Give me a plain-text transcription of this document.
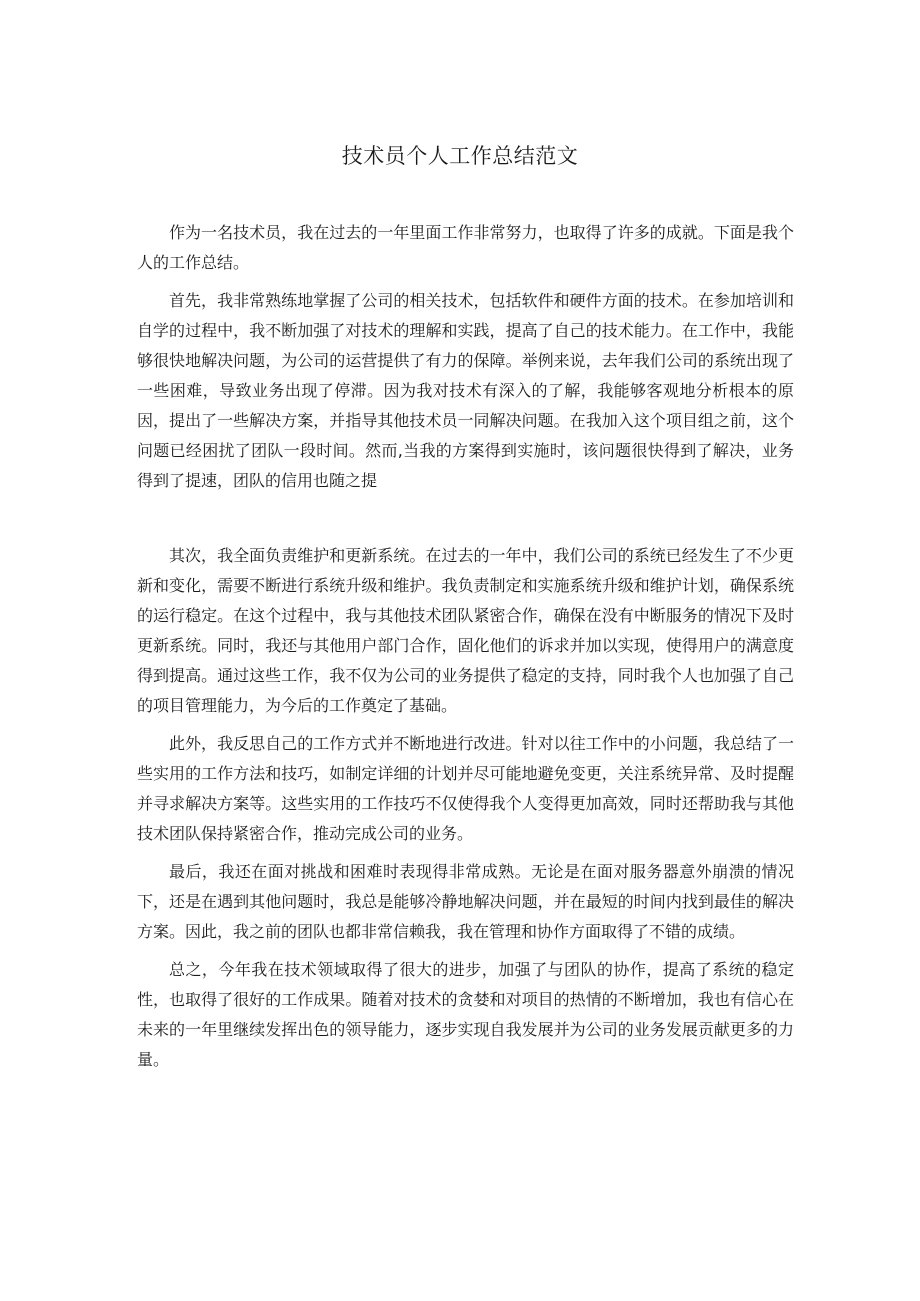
技术员个人工作总结范文

作为一名技术员，我在过去的一年里面工作非常努力，也取得了许多的成就。下面是我个人的工作总结。

首先，我非常熟练地掌握了公司的相关技术，包括软件和硬件方面的技术。在参加培训和自学的过程中，我不断加强了对技术的理解和实践，提高了自己的技术能力。在工作中，我能够很快地解决问题，为公司的运营提供了有力的保障。举例来说，去年我们公司的系统出现了一些困难，导致业务出现了停滞。因为我对技术有深入的了解，我能够客观地分析根本的原因，提出了一些解决方案，并指导其他技术员一同解决问题。在我加入这个项目组之前，这个问题已经困扰了团队一段时间。然而,当我的方案得到实施时，该问题很快得到了解决，业务得到了提速，团队的信用也随之提

其次，我全面负责维护和更新系统。在过去的一年中，我们公司的系统已经发生了不少更新和变化，需要不断进行系统升级和维护。我负责制定和实施系统升级和维护计划，确保系统的运行稳定。在这个过程中，我与其他技术团队紧密合作，确保在没有中断服务的情况下及时更新系统。同时，我还与其他用户部门合作，固化他们的诉求并加以实现，使得用户的满意度得到提高。通过这些工作，我不仅为公司的业务提供了稳定的支持，同时我个人也加强了自己的项目管理能力，为今后的工作奠定了基础。

此外，我反思自己的工作方式并不断地进行改进。针对以往工作中的小问题，我总结了一些实用的工作方法和技巧，如制定详细的计划并尽可能地避免变更，关注系统异常、及时提醒并寻求解决方案等。这些实用的工作技巧不仅使得我个人变得更加高效，同时还帮助我与其他技术团队保持紧密合作，推动完成公司的业务。

最后，我还在面对挑战和困难时表现得非常成熟。无论是在面对服务器意外崩溃的情况下，还是在遇到其他问题时，我总是能够冷静地解决问题，并在最短的时间内找到最佳的解决方案。因此，我之前的团队也都非常信赖我，我在管理和协作方面取得了不错的成绩。

总之，今年我在技术领域取得了很大的进步，加强了与团队的协作，提高了系统的稳定性，也取得了很好的工作成果。随着对技术的贪婪和对项目的热情的不断增加，我也有信心在未来的一年里继续发挥出色的领导能力，逐步实现自我发展并为公司的业务发展贡献更多的力量。
